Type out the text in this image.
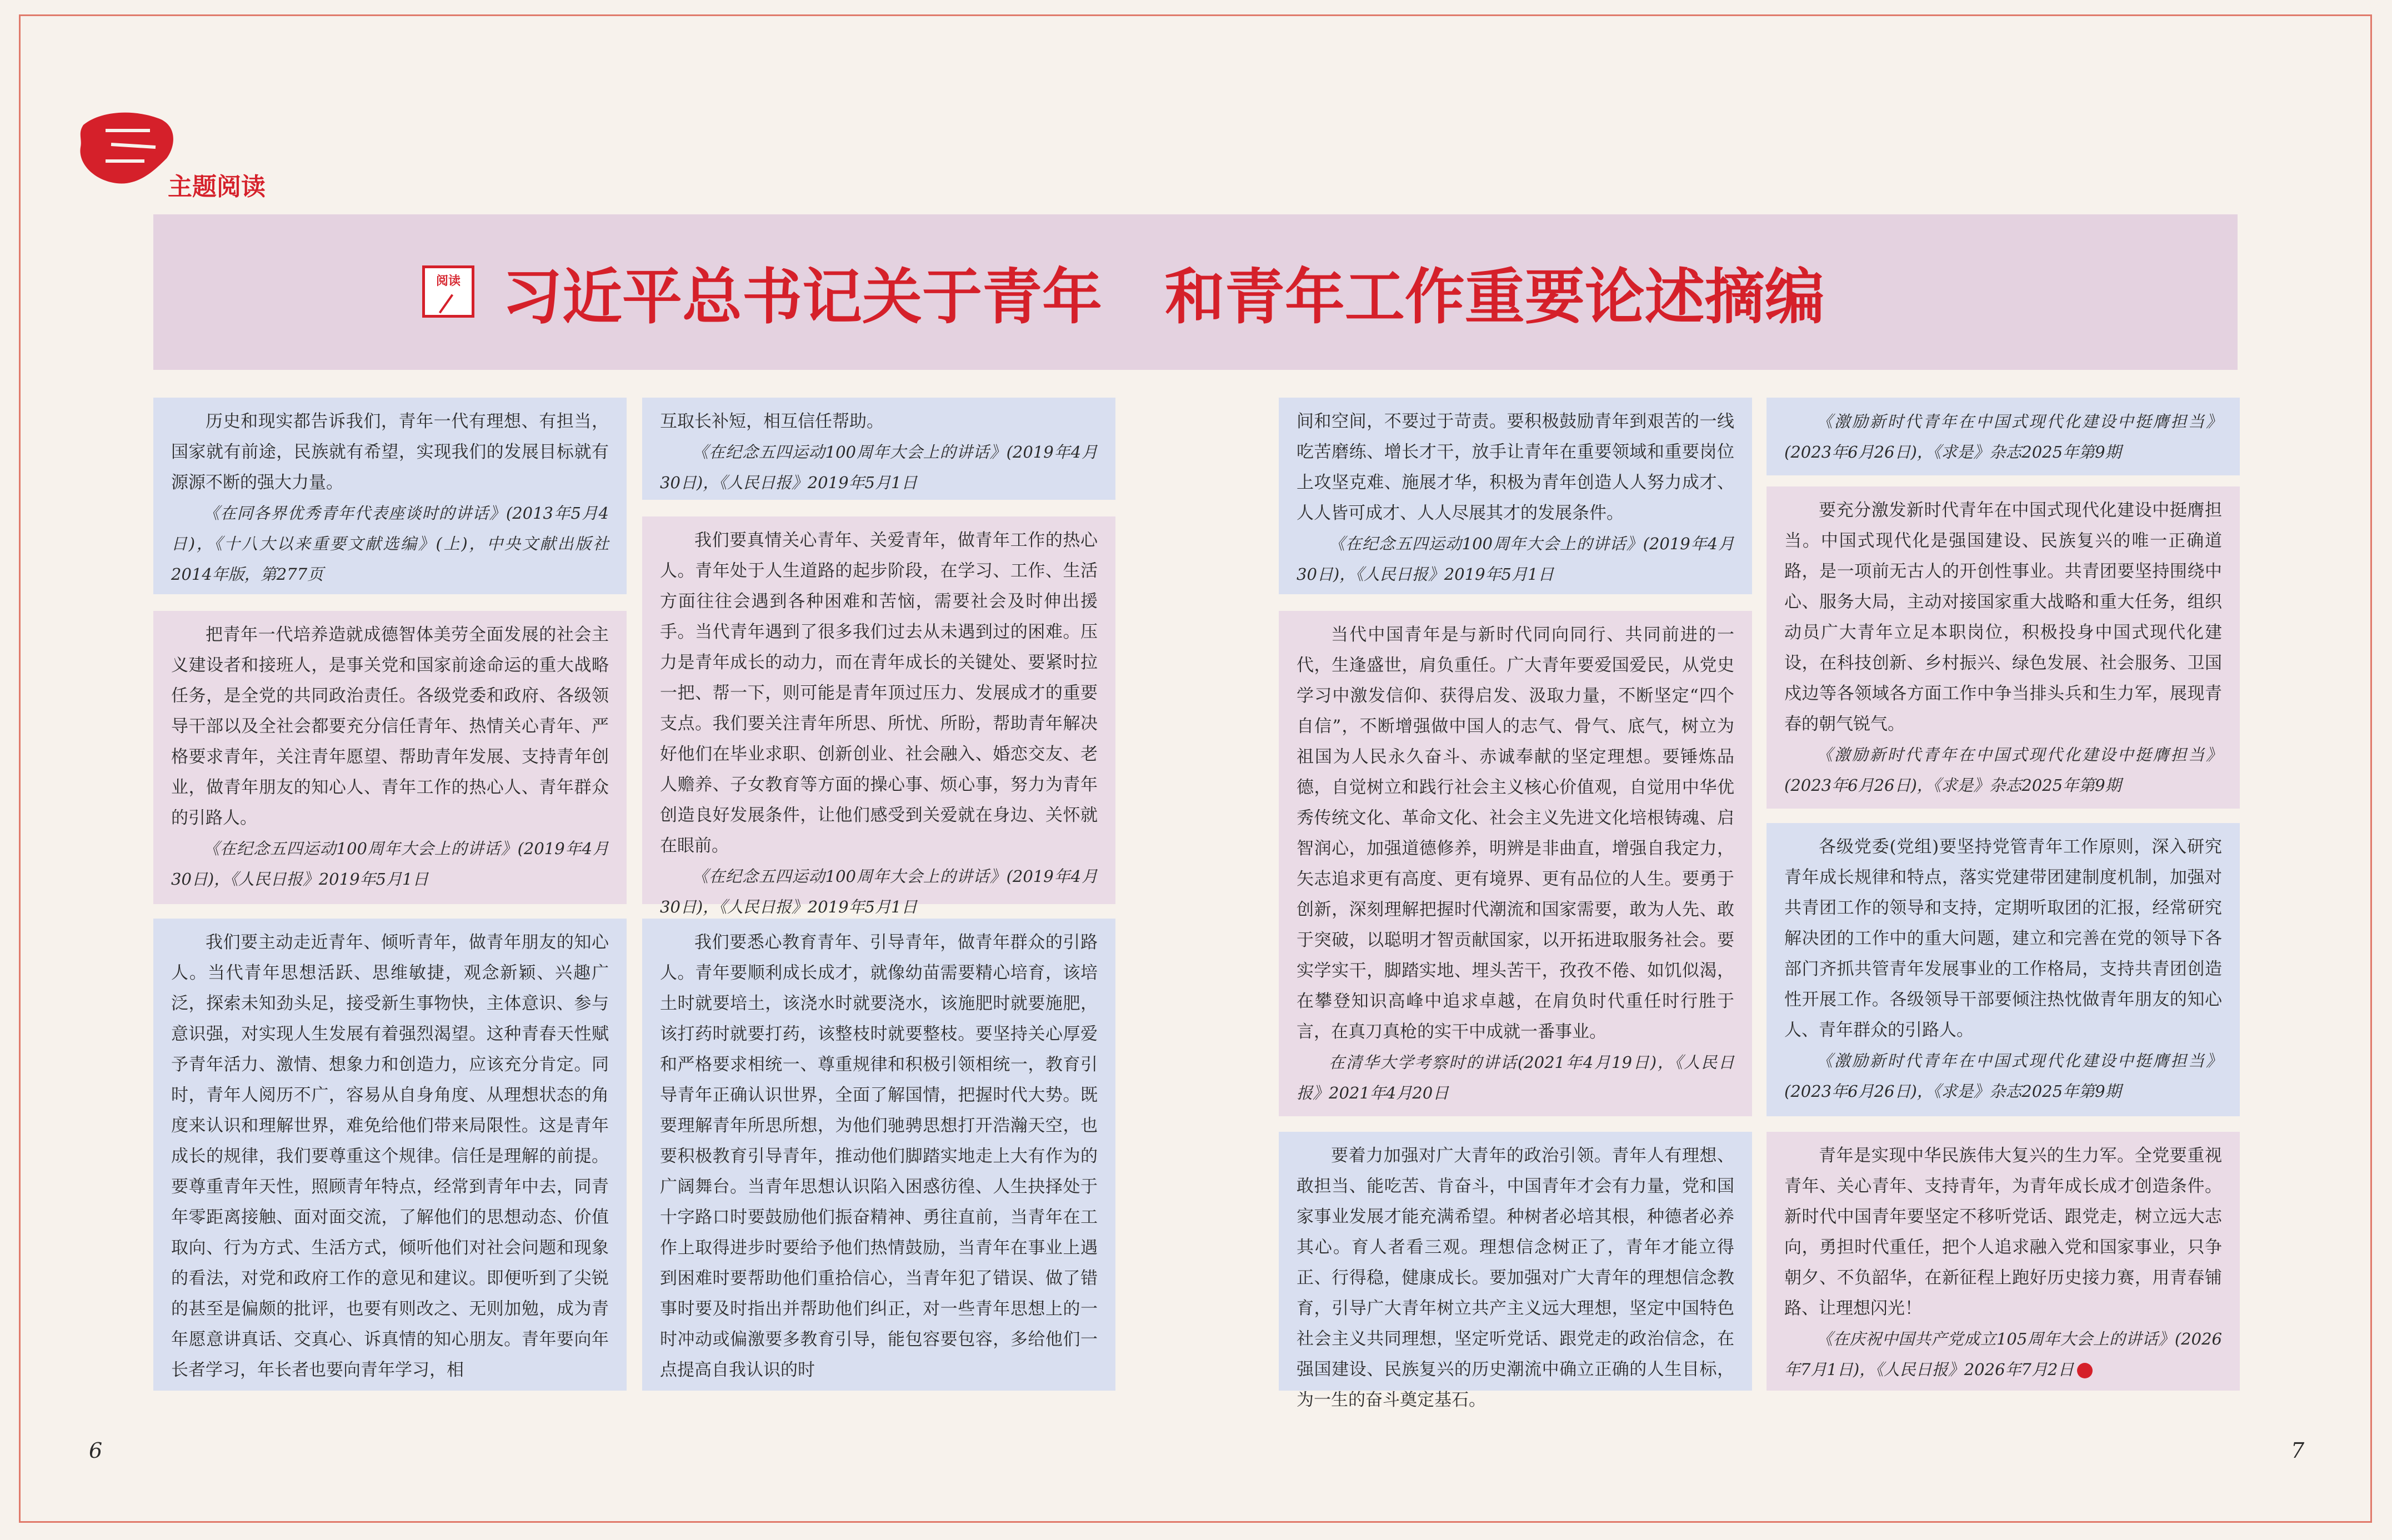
主题阅读
阅读 习近平总书记关于青年   和青年工作重要论述摘编

历史和现实都告诉我们，青年一代有理想、有担当，国家就有前途，民族就有希望，实现我们的发展目标就有源源不断的强大力量。

《在同各界优秀青年代表座谈时的讲话》(2013年5月4日)，《十八大以来重要文献选编》(上)，中央文献出版社2014年版，第277页

把青年一代培养造就成德智体美劳全面发展的社会主义建设者和接班人，是事关党和国家前途命运的重大战略任务，是全党的共同政治责任。各级党委和政府、各级领导干部以及全社会都要充分信任青年、热情关心青年、严格要求青年，关注青年愿望、帮助青年发展、支持青年创业，做青年朋友的知心人、青年工作的热心人、青年群众的引路人。

《在纪念五四运动100周年大会上的讲话》(2019年4月30日)，《人民日报》2019年5月1日

我们要主动走近青年、倾听青年，做青年朋友的知心人。当代青年思想活跃、思维敏捷，观念新颖、兴趣广泛，探索未知劲头足，接受新生事物快，主体意识、参与意识强，对实现人生发展有着强烈渴望。这种青春天性赋予青年活力、激情、想象力和创造力，应该充分肯定。同时，青年人阅历不广，容易从自身角度、从理想状态的角度来认识和理解世界，难免给他们带来局限性。这是青年成长的规律，我们要尊重这个规律。信任是理解的前提。要尊重青年天性，照顾青年特点，经常到青年中去，同青年零距离接触、面对面交流，了解他们的思想动态、价值取向、行为方式、生活方式，倾听他们对社会问题和现象的看法，对党和政府工作的意见和建议。即便听到了尖锐的甚至是偏颇的批评，也要有则改之、无则加勉，成为青年愿意讲真话、交真心、诉真情的知心朋友。青年要向年长者学习，年长者也要向青年学习，相

互取长补短，相互信任帮助。

《在纪念五四运动100周年大会上的讲话》(2019年4月30日)，《人民日报》2019年5月1日

我们要真情关心青年、关爱青年，做青年工作的热心人。青年处于人生道路的起步阶段，在学习、工作、生活方面往往会遇到各种困难和苦恼，需要社会及时伸出援手。当代青年遇到了很多我们过去从未遇到过的困难。压力是青年成长的动力，而在青年成长的关键处、要紧时拉一把、帮一下，则可能是青年顶过压力、发展成才的重要支点。我们要关注青年所思、所忧、所盼，帮助青年解决好他们在毕业求职、创新创业、社会融入、婚恋交友、老人赡养、子女教育等方面的操心事、烦心事，努力为青年创造良好发展条件，让他们感受到关爱就在身边、关怀就在眼前。

《在纪念五四运动100周年大会上的讲话》(2019年4月30日)，《人民日报》2019年5月1日

我们要悉心教育青年、引导青年，做青年群众的引路人。青年要顺利成长成才，就像幼苗需要精心培育，该培土时就要培土，该浇水时就要浇水，该施肥时就要施肥，该打药时就要打药，该整枝时就要整枝。要坚持关心厚爱和严格要求相统一、尊重规律和积极引领相统一，教育引导青年正确认识世界，全面了解国情，把握时代大势。既要理解青年所思所想，为他们驰骋思想打开浩瀚天空，也要积极教育引导青年，推动他们脚踏实地走上大有作为的广阔舞台。当青年思想认识陷入困惑彷徨、人生抉择处于十字路口时要鼓励他们振奋精神、勇往直前，当青年在工作上取得进步时要给予他们热情鼓励，当青年在事业上遇到困难时要帮助他们重拾信心，当青年犯了错误、做了错事时要及时指出并帮助他们纠正，对一些青年思想上的一时冲动或偏激要多教育引导，能包容要包容，多给他们一点提高自我认识的时

间和空间，不要过于苛责。要积极鼓励青年到艰苦的一线吃苦磨练、增长才干，放手让青年在重要领域和重要岗位上攻坚克难、施展才华，积极为青年创造人人努力成才、人人皆可成才、人人尽展其才的发展条件。

《在纪念五四运动100周年大会上的讲话》(2019年4月30日)，《人民日报》2019年5月1日

当代中国青年是与新时代同向同行、共同前进的一代，生逢盛世，肩负重任。广大青年要爱国爱民，从党史学习中激发信仰、获得启发、汲取力量，不断坚定“四个自信”，不断增强做中国人的志气、骨气、底气，树立为祖国为人民永久奋斗、赤诚奉献的坚定理想。要锤炼品德，自觉树立和践行社会主义核心价值观，自觉用中华优秀传统文化、革命文化、社会主义先进文化培根铸魂、启智润心，加强道德修养，明辨是非曲直，增强自我定力，矢志追求更有高度、更有境界、更有品位的人生。要勇于创新，深刻理解把握时代潮流和国家需要，敢为人先、敢于突破，以聪明才智贡献国家，以开拓进取服务社会。要实学实干，脚踏实地、埋头苦干，孜孜不倦、如饥似渴，在攀登知识高峰中追求卓越，在肩负时代重任时行胜于言，在真刀真枪的实干中成就一番事业。

在清华大学考察时的讲话(2021年4月19日)，《人民日报》2021年4月20日

要着力加强对广大青年的政治引领。青年人有理想、敢担当、能吃苦、肯奋斗，中国青年才会有力量，党和国家事业发展才能充满希望。种树者必培其根，种德者必养其心。育人者看三观。理想信念树正了，青年才能立得正、行得稳，健康成长。要加强对广大青年的理想信念教育，引导广大青年树立共产主义远大理想，坚定中国特色社会主义共同理想，坚定听党话、跟党走的政治信念，在强国建设、民族复兴的历史潮流中确立正确的人生目标，为一生的奋斗奠定基石。

《激励新时代青年在中国式现代化建设中挺膺担当》(2023年6月26日)，《求是》杂志2025年第9期

要充分激发新时代青年在中国式现代化建设中挺膺担当。中国式现代化是强国建设、民族复兴的唯一正确道路，是一项前无古人的开创性事业。共青团要坚持围绕中心、服务大局，主动对接国家重大战略和重大任务，组织动员广大青年立足本职岗位，积极投身中国式现代化建设，在科技创新、乡村振兴、绿色发展、社会服务、卫国戍边等各领域各方面工作中争当排头兵和生力军，展现青春的朝气锐气。

《激励新时代青年在中国式现代化建设中挺膺担当》(2023年6月26日)，《求是》杂志2025年第9期

各级党委(党组)要坚持党管青年工作原则，深入研究青年成长规律和特点，落实党建带团建制度机制，加强对共青团工作的领导和支持，定期听取团的汇报，经常研究解决团的工作中的重大问题，建立和完善在党的领导下各部门齐抓共管青年发展事业的工作格局，支持共青团创造性开展工作。各级领导干部要倾注热忱做青年朋友的知心人、青年群众的引路人。

《激励新时代青年在中国式现代化建设中挺膺担当》(2023年6月26日)，《求是》杂志2025年第9期

青年是实现中华民族伟大复兴的生力军。全党要重视青年、关心青年、支持青年，为青年成长成才创造条件。新时代中国青年要坚定不移听党话、跟党走，树立远大志向，勇担时代重任，把个人追求融入党和国家事业，只争朝夕、不负韶华，在新征程上跑好历史接力赛，用青春铺路、让理想闪光！

《在庆祝中国共产党成立105周年大会上的讲话》(2026年7月1日)，《人民日报》2026年7月2日

6	7
